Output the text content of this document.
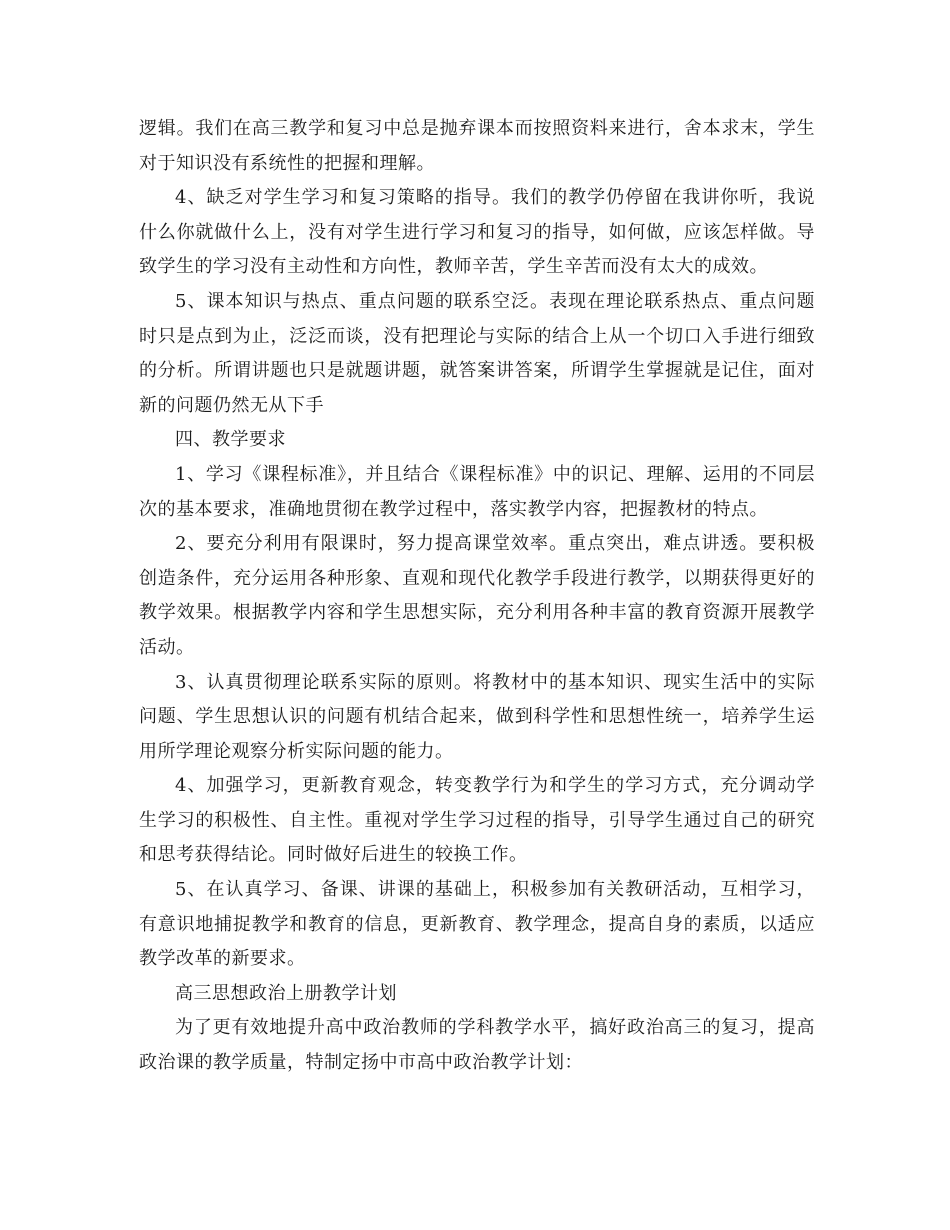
逻辑。我们在高三教学和复习中总是抛弃课本而按照资料来进行，舍本求末，学生对于知识没有系统性的把握和理解。

4、缺乏对学生学习和复习策略的指导。我们的教学仍停留在我讲你听，我说什么你就做什么上，没有对学生进行学习和复习的指导，如何做，应该怎样做。导致学生的学习没有主动性和方向性，教师辛苦，学生辛苦而没有太大的成效。

5、课本知识与热点、重点问题的联系空泛。表现在理论联系热点、重点问题时只是点到为止，泛泛而谈，没有把理论与实际的结合上从一个切口入手进行细致的分析。所谓讲题也只是就题讲题，就答案讲答案，所谓学生掌握就是记住，面对新的问题仍然无从下手

四、教学要求

1、学习《课程标准》，并且结合《课程标准》中的识记、理解、运用的不同层次的基本要求，准确地贯彻在教学过程中，落实教学内容，把握教材的特点。

2、要充分利用有限课时，努力提高课堂效率。重点突出，难点讲透。要积极创造条件，充分运用各种形象、直观和现代化教学手段进行教学，以期获得更好的教学效果。根据教学内容和学生思想实际，充分利用各种丰富的教育资源开展教学活动。

3、认真贯彻理论联系实际的原则。将教材中的基本知识、现实生活中的实际问题、学生思想认识的问题有机结合起来，做到科学性和思想性统一，培养学生运用所学理论观察分析实际问题的能力。

4、加强学习，更新教育观念，转变教学行为和学生的学习方式，充分调动学生学习的积极性、自主性。重视对学生学习过程的指导，引导学生通过自己的研究和思考获得结论。同时做好后进生的较换工作。

5、在认真学习、备课、讲课的基础上，积极参加有关教研活动，互相学习，有意识地捕捉教学和教育的信息，更新教育、教学理念，提高自身的素质，以适应教学改革的新要求。

高三思想政治上册教学计划

为了更有效地提升高中政治教师的学科教学水平，搞好政治高三的复习，提高政治课的教学质量，特制定扬中市高中政治教学计划：
